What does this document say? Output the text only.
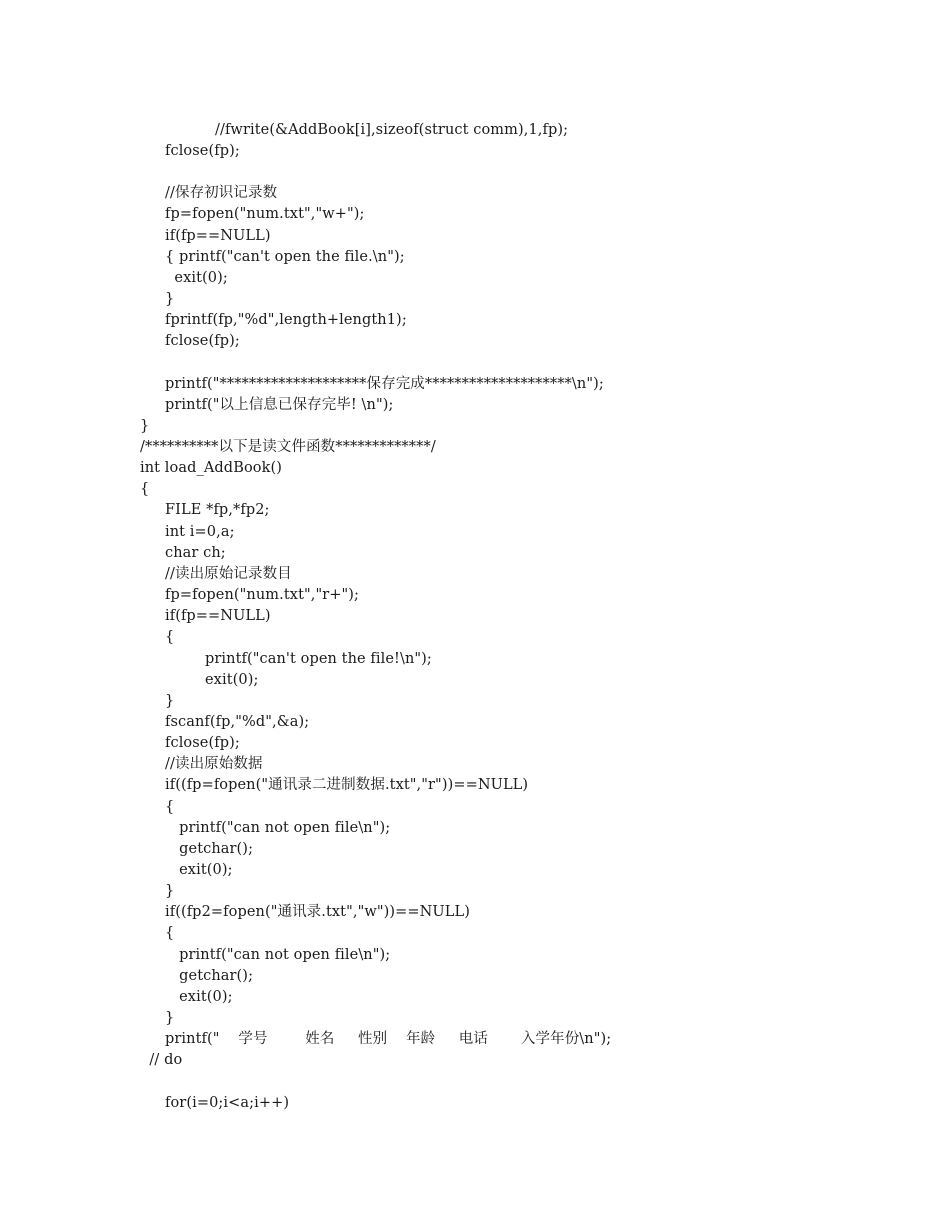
//fwrite(&AddBook[i],sizeof(struct comm),1,fp);
fclose(fp);
//保存初识记录数
fp=fopen("num.txt","w+");
if(fp==NULL)
{ printf("can't open the file.\n");
exit(0);
}
fprintf(fp,"%d",length+length1);
fclose(fp);
printf("********************保存完成********************\n");
printf("以上信息已保存完毕! \n");
}
/**********以下是读文件函数*************/
int load_AddBook()
{
FILE *fp,*fp2;
int i=0,a;
char ch;
//读出原始记录数目
fp=fopen("num.txt","r+");
if(fp==NULL)
{
printf("can't open the file!\n");
exit(0);
}
fscanf(fp,"%d",&a);
fclose(fp);
//读出原始数据
if((fp=fopen("通讯录二进制数据.txt","r"))==NULL)
{
printf("can not open file\n");
getchar();
exit(0);
}
if((fp2=fopen("通讯录.txt","w"))==NULL)
{
printf("can not open file\n");
getchar();
exit(0);
}
printf("    学号        姓名     性别    年龄     电话       入学年份\n");
// do
for(i=0;i<a;i++)
